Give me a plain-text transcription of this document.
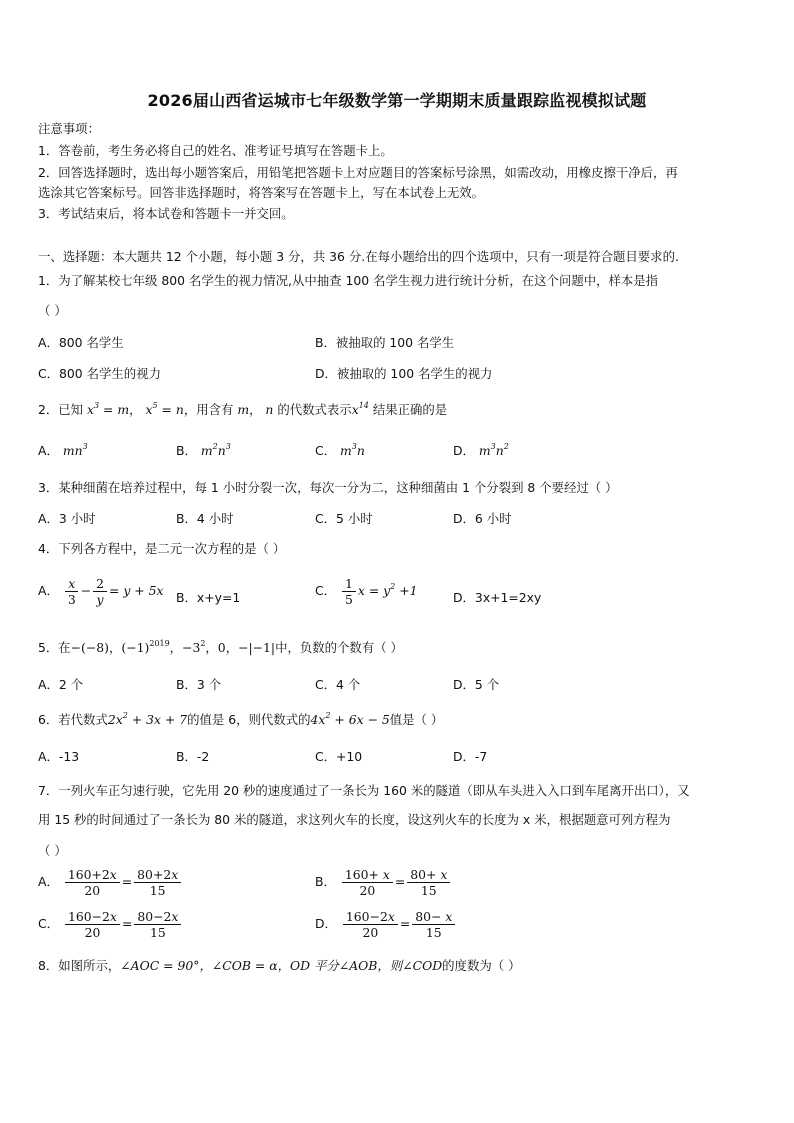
2026届山西省运城市七年级数学第一学期期末质量跟踪监视模拟试题
注意事项：
1．答卷前，考生务必将自己的姓名、准考证号填写在答题卡上。
2．回答选择题时，选出每小题答案后，用铅笔把答题卡上对应题目的答案标号涂黑，如需改动，用橡皮擦干净后，再
选涂其它答案标号。回答非选择题时，将答案写在答题卡上，写在本试卷上无效。
3．考试结束后，将本试卷和答题卡一并交回。
一、选择题：本大题共 12 个小题，每小题 3 分，共 36 分.在每小题给出的四个选项中，只有一项是符合题目要求的.
1．为了解某校七年级 800 名学生的视力情况,从中抽查 100 名学生视力进行统计分析，在这个问题中，样本是指
（ ）
A．800 名学生	B．被抽取的 100 名学生
C．800 名学生的视力	D．被抽取的 100 名学生的视力
2．已知 $x^3 = m$， $x^5 = n$，用含有 m， n 的代数式表示$x^{14}$ 结果正确的是
A． $mn^3$	B． $m^2n^3$	C． $m^3n$	D． $m^3n^2$
3．某种细菌在培养过程中，每 1 小时分裂一次，每次一分为二，这种细菌由 1 个分裂到 8 个要经过（ ）
A．3 小时	B．4 小时	C．5 小时	D．6 小时
4．下列各方程中，是二元一次方程的是（ ）
A． $\frac{x}{3} - \frac{2}{y} = y + 5x$ B．x+y=1	C． $\frac{1}{5}$ $x = y^2 +1$	D．3x+1=2xy
5．在−(−8)，$(-1)^{2019}$，$-3^2$，0，−|−1|中，负数的个数有（ ）
A．2 个	B．3 个	C．4 个	D．5 个
6．若代数式$2x^2 + 3x + 7$的值是 6，则代数式的$4x^2 + 6x - 5$值是（ ）
A．-13	B．-2	C．+10	D．-7
7．一列火车正匀速行驶，它先用 20 秒的速度通过了一条长为 160 米的隧道（即从车头进入入口到车尾离开出口），又
用 15 秒的时间通过了一条长为 80 米的隧道，求这列火车的长度，设这列火车的长度为 x 米，根据题意可列方程为
（ ）
A． $\frac{160+2x}{20} = \frac{80+2x}{15}$	B． $\frac{160+ x}{20} = \frac{80+ x}{15}$
C． $\frac{160-2x}{20} = \frac{80-2x}{15}$	D． $\frac{160-2x}{20} = \frac{80- x}{15}$
8．如图所示，∠AOC = 90°，∠COB = α，OD 平分∠AOB，则∠COD的度数为（ ）
